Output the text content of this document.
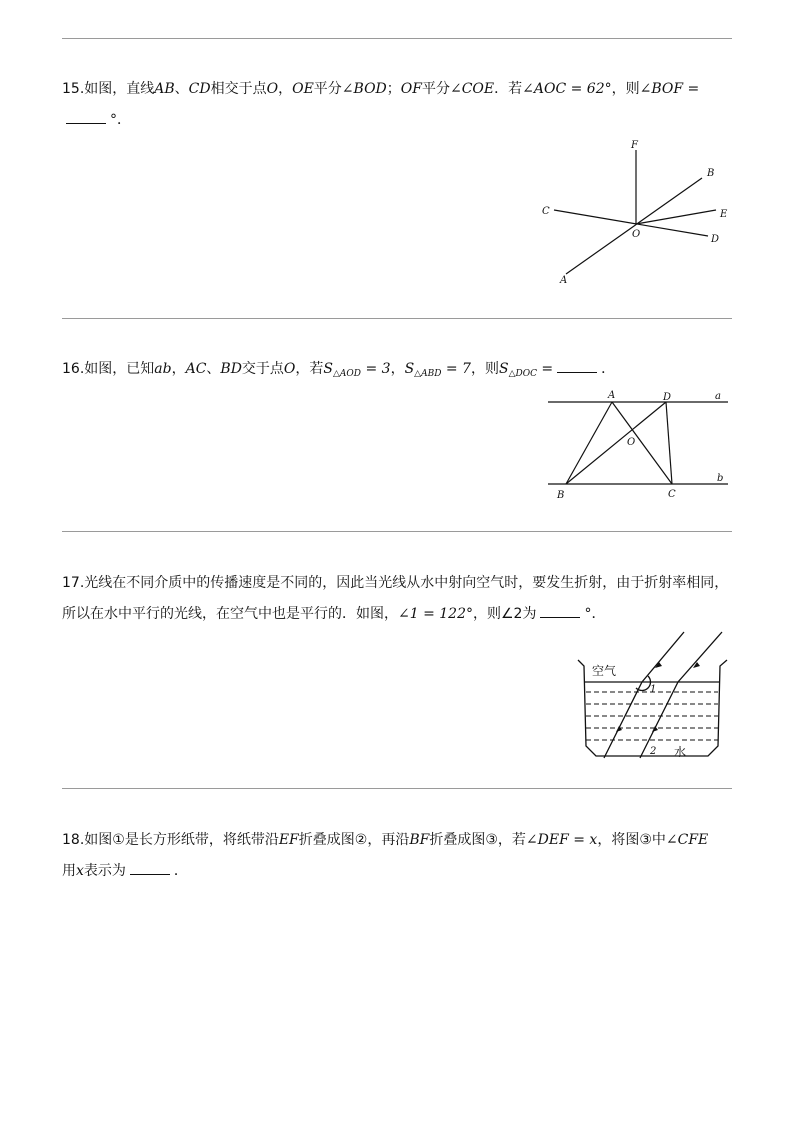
15.如图，直线AB、CD相交于点O，OE平分∠BOD；OF平分∠COE．若∠AOC = 62°，则∠BOF =
°．
F
B
C	E
O	D
A
16.如图，已知ab，AC、BD交于点O，若$S_{\triangle AOD} = 3$，$S_{\triangle ABD} = 7$，则$S_{\triangle DOC}$ =	．
A	D	a
O
B	C
b
17.光线在不同介质中的传播速度是不同的，因此当光线从水中射向空气时，要发生折射，由于折射率相同，
所以在水中平行的光线，在空气中也是平行的．如图，∠1 = 122°，则∠2为	°．
空气
1
2 水
18.如图①是长方形纸带，将纸带沿EF折叠成图②，再沿BF折叠成图③，若∠DEF = x，将图③中∠CFE
用x表示为	．
